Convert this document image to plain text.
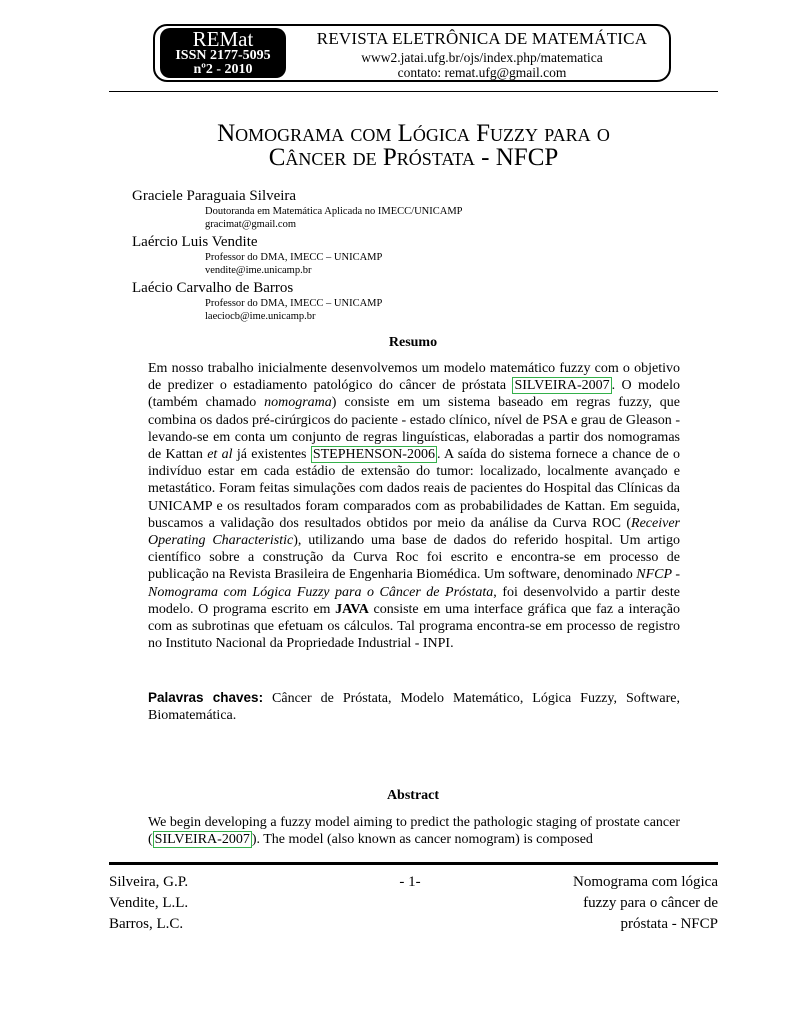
REMat
ISSN 2177-5095
nº2 - 2010
REVISTA ELETRÔNICA DE MATEMÁTICA
www2.jatai.ufg.br/ojs/index.php/matematica
contato: remat.ufg@gmail.com
Nomograma com Lógica Fuzzy para o
Câncer de Próstata - NFCP
Graciele Paraguaia Silveira
Doutoranda em Matemática Aplicada no IMECC/UNICAMP
gracimat@gmail.com
Laércio Luis Vendite
Professor do DMA, IMECC – UNICAMP
vendite@ime.unicamp.br
Laécio Carvalho de Barros
Professor do DMA, IMECC – UNICAMP
laeciocb@ime.unicamp.br
Resumo
Em nosso trabalho inicialmente desenvolvemos um modelo matemático fuzzy com o objetivo de predizer o estadiamento patológico do câncer de próstata SILVEIRA-2007 . O modelo (também chamado nomograma) consiste em um sistema baseado em regras fuzzy, que combina os dados pré-cirúrgicos do paciente - estado clínico, nível de PSA e grau de Gleason - levando-se em conta um conjunto de regras linguísticas, elaboradas a partir dos nomogramas de Kattan et al já existentes STEPHENSON-2006 . A saída do sistema fornece a chance de o indivíduo estar em cada estádio de extensão do tumor: localizado, localmente avançado e metastático. Foram feitas simulações com dados reais de pacientes do Hospital das Clínicas da UNICAMP e os resultados foram comparados com as probabilidades de Kattan. Em seguida, buscamos a validação dos resultados obtidos por meio da análise da Curva ROC (Receiver Operating Characteristic), utilizando uma base de dados do referido hospital. Um artigo científico sobre a construção da Curva Roc foi escrito e encontra-se em processo de publicação na Revista Brasileira de Engenharia Biomédica. Um software, denominado NFCP - Nomograma com Lógica Fuzzy para o Câncer de Próstata, foi desenvolvido a partir deste modelo. O programa escrito em JAVA consiste em uma interface gráfica que faz a interação com as subrotinas que efetuam os cálculos. Tal programa encontra-se em processo de registro no Instituto Nacional da Propriedade Industrial - INPI.
Palavras chaves: Câncer de Próstata, Modelo Matemático, Lógica Fuzzy, Software, Biomatemática.
Abstract
We begin developing a fuzzy model aiming to predict the pathologic staging of prostate cancer ( SILVEIRA-2007 ). The model (also known as cancer nomogram) is composed
Silveira, G.P.
Vendite, L.L.
Barros, L.C.
- 1-	Nomograma com lógica
fuzzy para o câncer de
próstata - NFCP
